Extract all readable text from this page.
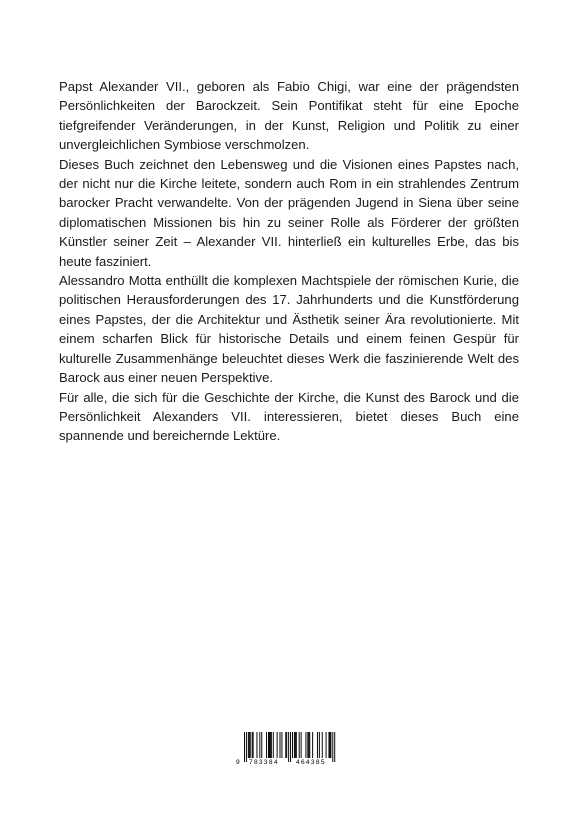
Papst Alexander VII., geboren als Fabio Chigi, war eine der prägendsten Persönlichkeiten der Barockzeit. Sein Pontifikat steht für eine Epoche tiefgreifender Veränderungen, in der Kunst, Religion und Politik zu einer unvergleichlichen Symbiose verschmolzen.

Dieses Buch zeichnet den Lebensweg und die Visionen eines Papstes nach, der nicht nur die Kirche leitete, sondern auch Rom in ein strahlendes Zentrum barocker Pracht verwandelte. Von der prägenden Jugend in Siena über seine diplomatischen Missionen bis hin zu seiner Rolle als Förderer der größten Künstler seiner Zeit – Alexander VII. hinterließ ein kulturelles Erbe, das bis heute fasziniert.

Alessandro Motta enthüllt die komplexen Machtspiele der römischen Kurie, die politischen Herausforderungen des 17. Jahrhunderts und die Kunstförderung eines Papstes, der die Architektur und Ästhetik seiner Ära revolutionierte. Mit einem scharfen Blick für historische Details und einem feinen Gespür für kulturelle Zusammenhänge beleuchtet dieses Werk die faszinierende Welt des Barock aus einer neuen Perspektive.

Für alle, die sich für die Geschichte der Kirche, die Kunst des Barock und die Persönlichkeit Alexanders VII. interessieren, bietet dieses Buch eine spannende und bereichernde Lektüre.

9 783384	464385
